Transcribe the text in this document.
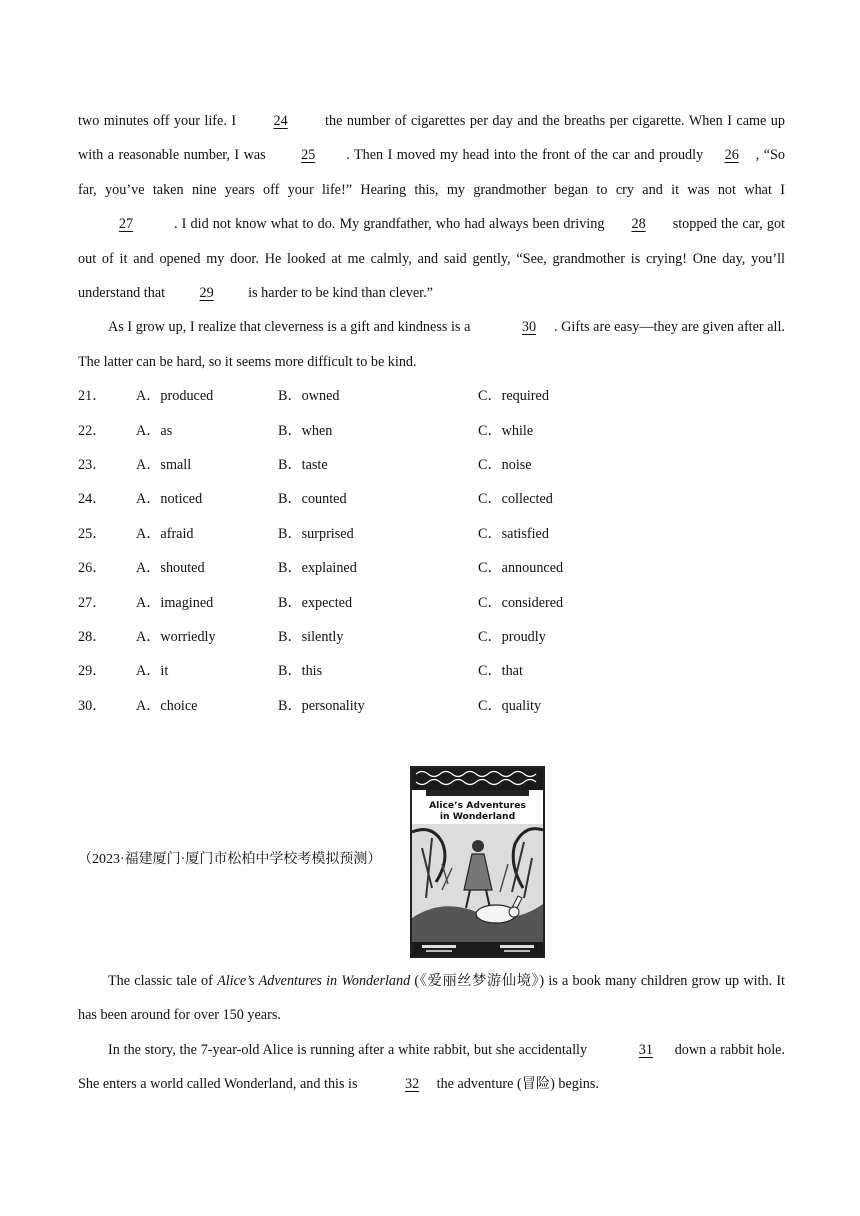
two minutes off your life. I 24 the number of cigarettes per day and the breaths per cigarette. When I came up with a reasonable number, I was 25 . Then I moved my head into the front of the car and proudly 26 , “So far, you’ve taken nine years off your life!” Hearing this, my grandmother began to cry and it was not what I 27	. I did not know what to do. My grandfather, who had always been driving 28 stopped the car, got out of it and opened my door. He looked at me calmly, and said gently, “See, grandmother is crying! One day, you’ll understand that 29 is harder to be kind than clever.”

As I grow up, I realize that cleverness is a gift and kindness is a	30 . Gifts are easy—they are given after all. The latter can be hard, so it seems more difficult to be kind.

21．	A．produced	B．owned	C．required
22．	A．as	B．when	C．while
23．	A．small	B．taste	C．noise
24．	A．noticed	B．counted	C．collected
25．	A．afraid	B．surprised	C．satisfied
26．	A．shouted	B．explained	C．announced
27．	A．imagined	B．expected	C．considered
28．	A．worriedly	B．silently	C．proudly
29．	A．it	B．this	C．that
30．	A．choice	B．personality	C．quality
（2023·福建厦门·厦门市松柏中学校考模拟预测）
Alice’s Adventures
in Wonderland

The classic tale of Alice’s Adventures in Wonderland (《爱丽丝梦游仙境》) is a book many children grow up with. It has been around for over 150 years.

In the story, the 7-year-old Alice is running after a white rabbit, but she accidentally	31 down a rabbit hole. She enters a world called Wonderland, and this is	32 the adventure (冒险) begins.
